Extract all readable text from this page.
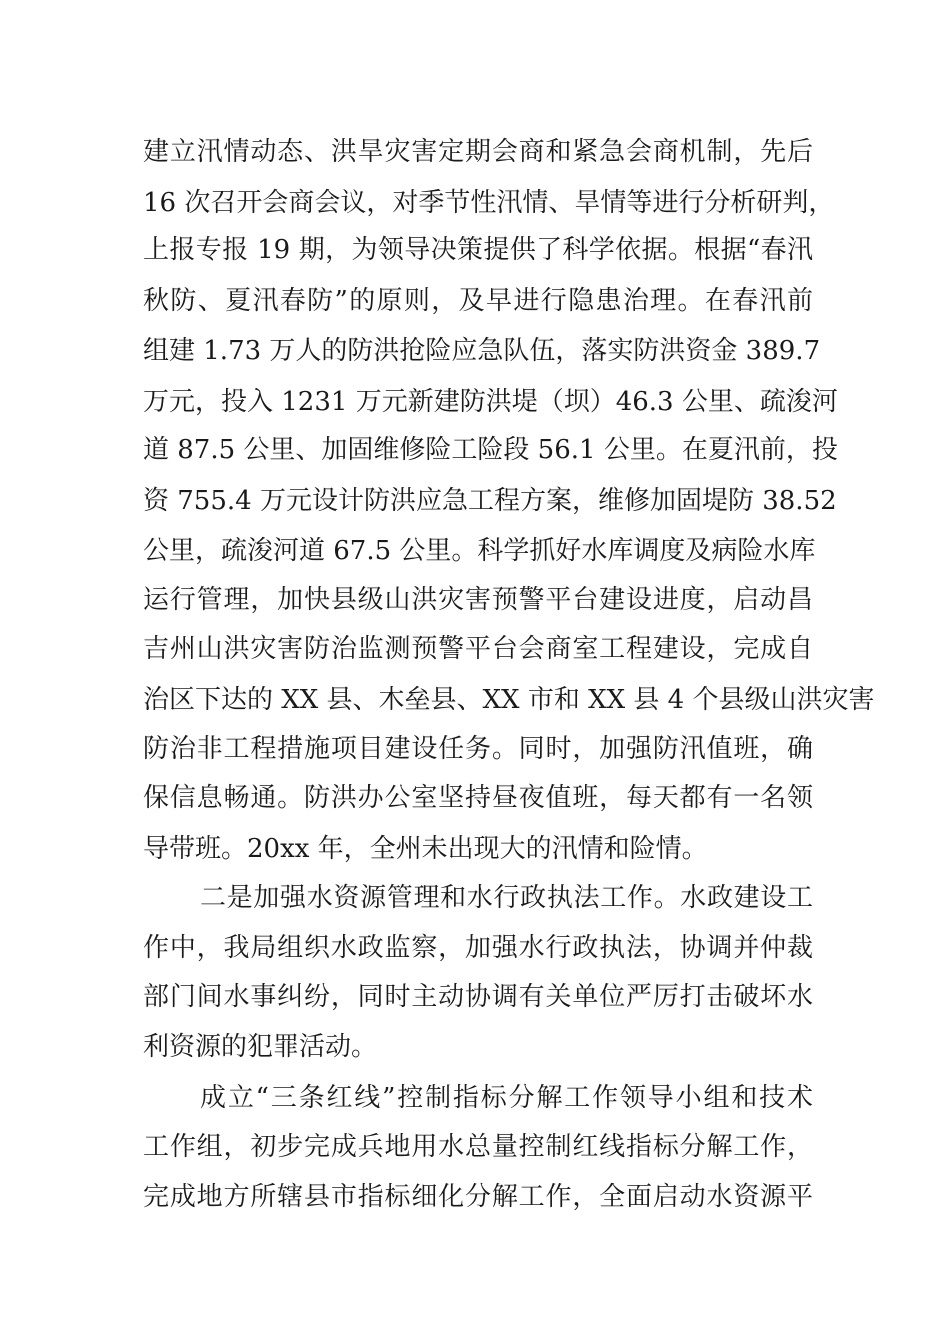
建立汛情动态、洪旱灾害定期会商和紧急会商机制，先后
16 次召开会商会议，对季节性汛情、旱情等进行分析研判，
上报专报 19 期，为领导决策提供了科学依据。根据“春汛
秋防、夏汛春防”的原则，及早进行隐患治理。在春汛前
组建 1.73 万人的防洪抢险应急队伍，落实防洪资金 389.7
万元，投入 1231 万元新建防洪堤（坝）46.3 公里、疏浚河
道 87.5 公里、加固维修险工险段 56.1 公里。在夏汛前，投
资 755.4 万元设计防洪应急工程方案，维修加固堤防 38.52
公里，疏浚河道 67.5 公里。科学抓好水库调度及病险水库
运行管理，加快县级山洪灾害预警平台建设进度，启动昌
吉州山洪灾害防治监测预警平台会商室工程建设，完成自
治区下达的 XX 县、木垒县、XX 市和 XX 县 4 个县级山洪灾害
防治非工程措施项目建设任务。同时，加强防汛值班，确
保信息畅通。防洪办公室坚持昼夜值班，每天都有一名领
导带班。20xx 年，全州未出现大的汛情和险情。
二是加强水资源管理和水行政执法工作。水政建设工
作中，我局组织水政监察，加强水行政执法，协调并仲裁
部门间水事纠纷，同时主动协调有关单位严厉打击破坏水
利资源的犯罪活动。
成立“三条红线”控制指标分解工作领导小组和技术
工作组，初步完成兵地用水总量控制红线指标分解工作，
完成地方所辖县市指标细化分解工作，全面启动水资源平
